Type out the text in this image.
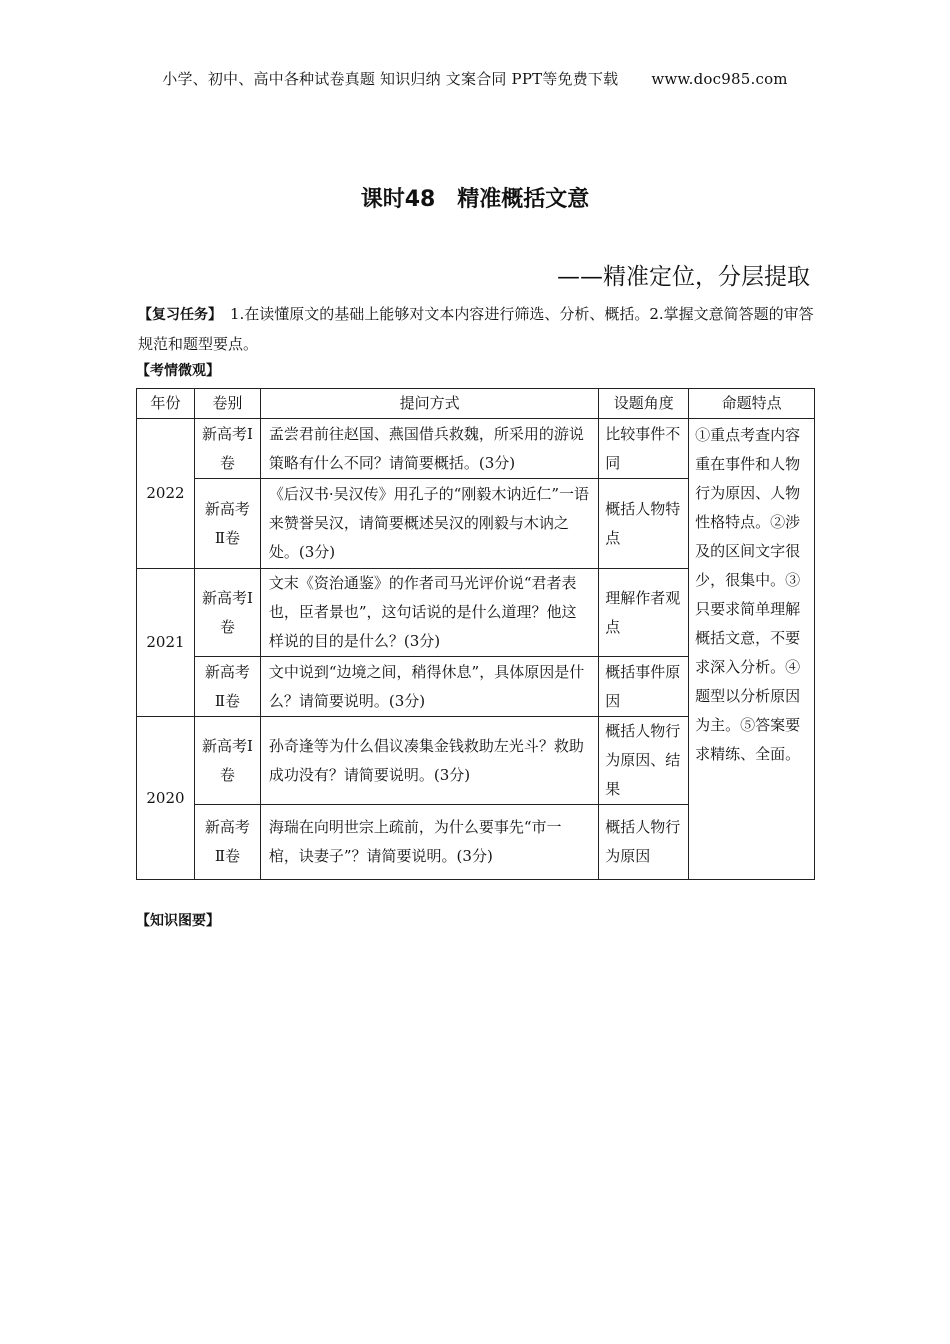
小学、初中、高中各种试卷真题 知识归纳 文案合同 PPT等免费下载 www.doc985.com
课时48　精准概括文意
——精准定位，分层提取
【复习任务】 1.在读懂原文的基础上能够对文本内容进行筛选、分析、概括。2.掌握文意简答题的审答规范和题型要点。
【考情微观】
年份	卷别	提问方式	设题角度	命题特点
2022	新高考Ⅰ卷	孟尝君前往赵国、燕国借兵救魏，所采用的游说策略有什么不同？请简要概括。(3分)	比较事件不同	①重点考查内容重在事件和人物行为原因、人物性格特点。②涉及的区间文字很少，很集中。③只要求简单理解概括文意，不要求深入分析。④题型以分析原因为主。⑤答案要求精练、全面。
	新高考Ⅱ卷	《后汉书·吴汉传》用孔子的“刚毅木讷近仁”一语来赞誉吴汉，请简要概述吴汉的刚毅与木讷之处。(3分)	概括人物特点	
2021	新高考Ⅰ卷	文末《资治通鉴》的作者司马光评价说“君者表也，臣者景也”，这句话说的是什么道理？他这样说的目的是什么？(3分)	理解作者观点	
	新高考Ⅱ卷	文中说到“边境之间，稍得休息”，具体原因是什么？请简要说明。(3分)	概括事件原因	
2020	新高考Ⅰ卷	孙奇逢等为什么倡议凑集金钱救助左光斗？救助成功没有？请简要说明。(3分)	概括人物行为原因、结果	
	新高考Ⅱ卷	海瑞在向明世宗上疏前，为什么要事先“市一棺，诀妻子”？请简要说明。(3分)	概括人物行为原因	
【知识图要】
